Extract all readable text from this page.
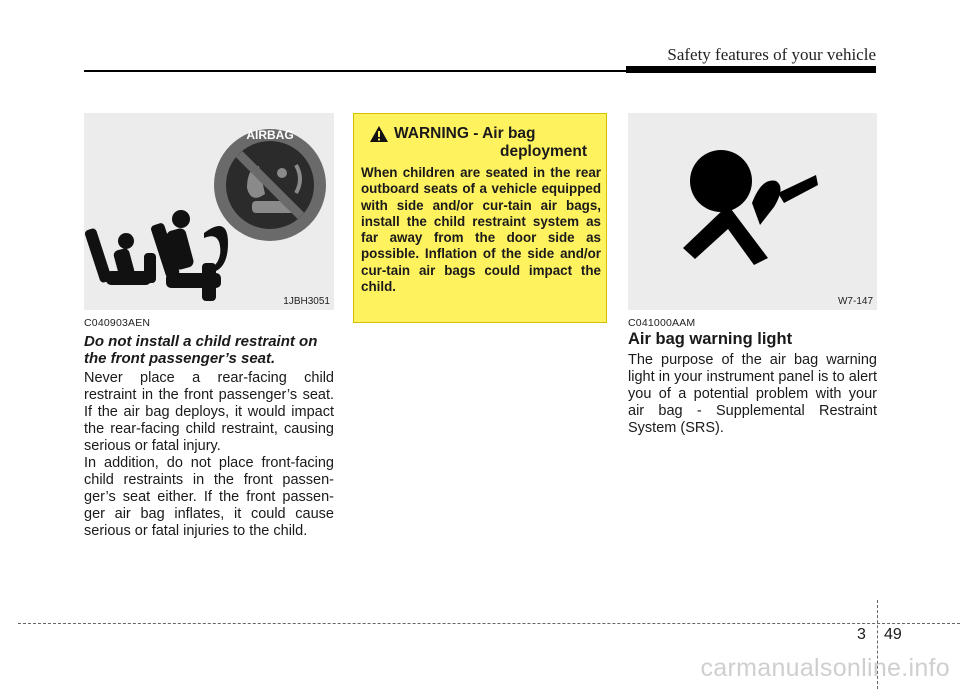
Safety features of your vehicle
AIRBAG
1JBH3051
C040903AEN
Do not install a child restraint on the front passenger’s seat.

Never place a rear-facing child restraint in the front passenger’s seat. If the air bag deploys, it would impact the rear-facing child restraint, causing serious or fatal injury.

In addition, do not place front-facing child restraints in the front passen-ger’s seat either. If the front passen-ger air bag inflates, it could cause serious or fatal injuries to the child.

WARNING - Air bag
deployment

When children are seated in the rear outboard seats of a vehicle equipped with side and/or cur-tain air bags, install the child restraint system as far away from the door side as possible. Inflation of the side and/or cur-tain air bags could impact the child.

W7-147
C041000AAM
Air bag warning light

The purpose of the air bag warning light in your instrument panel is to alert you of a potential problem with your air bag - Supplemental Restraint System (SRS).

3 49
carmanualsonline.info
